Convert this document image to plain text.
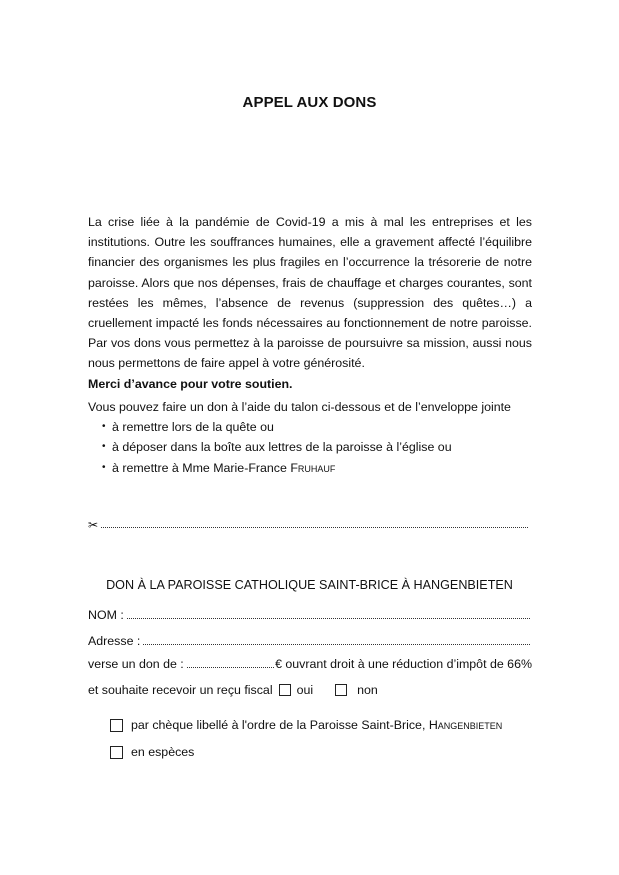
APPEL AUX DONS

La crise liée à la pandémie de Covid-19 a mis à mal les entreprises et les institutions. Outre les souffrances humaines, elle a gravement affecté l’équilibre financier des organismes les plus fragiles en l’occurrence la trésorerie de notre paroisse. Alors que nos dépenses, frais de chauffage et charges courantes, sont restées les mêmes, l’absence de revenus (suppression des quêtes…) a cruellement impacté les fonds nécessaires au fonctionnement de notre paroisse. Par vos dons vous permettez à la paroisse de poursuivre sa mission, aussi nous nous permettons de faire appel à votre générosité.

Merci d’avance pour votre soutien.

Vous pouvez faire un don à l’aide du talon ci-dessous et de l’enveloppe jointe
• à remettre lors de la quête ou
• à déposer dans la boîte aux lettres de la paroisse à l’église ou
• à remettre à Mme Marie-France Fruhauf
✂
DON À LA PAROISSE CATHOLIQUE SAINT-BRICE À HANGENBIETEN
NOM :
Adresse :
verse un don de :	€ ouvrant droit à une réduction d’impôt de 66%
et souhaite recevoir un reçu fiscal oui	non
par chèque libellé à l'ordre de la Paroisse Saint-Brice, Hangenbieten
en espèces
